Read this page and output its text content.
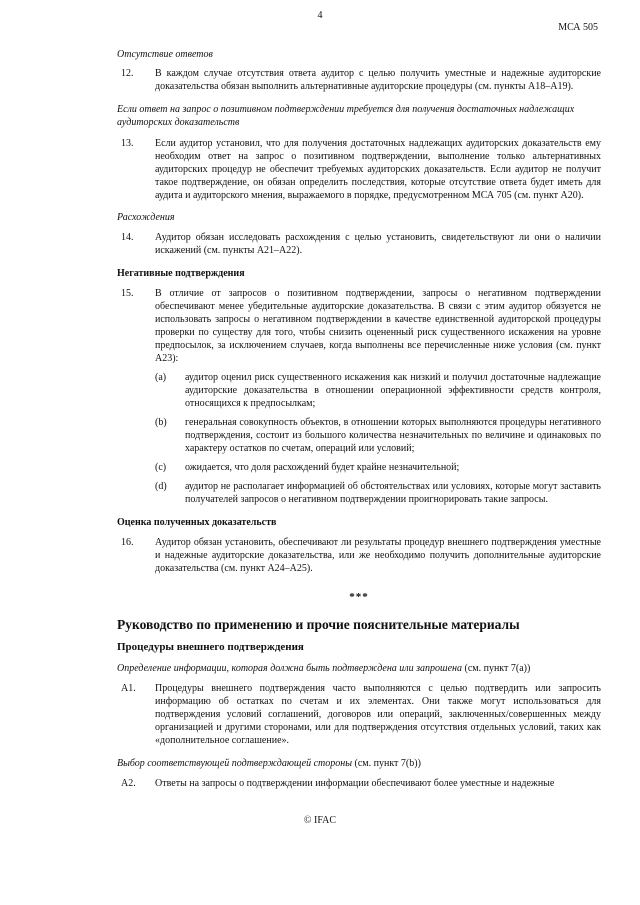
4
МСА 505

Отсутствие ответов

12.	В каждом случае отсутствия ответа аудитор с целью получить уместные и надежные аудиторские доказательства обязан выполнить альтернативные аудиторские процедуры (см. пункты А18–А19).

Если ответ на запрос о позитивном подтверждении требуется для получения достаточных надлежащих аудиторских доказательств

13.	Если аудитор установил, что для получения достаточных надлежащих аудиторских доказательств ему необходим ответ на запрос о позитивном подтверждении, выполнение только альтернативных аудиторских процедур не обеспечит требуемых аудиторских доказательств. Если аудитор не получит такое подтверждение, он обязан определить последствия, которые отсутствие ответа будет иметь для аудита и аудиторского мнения, выражаемого в порядке, предусмотренном МСА 705 (см. пункт А20).

Расхождения

14.	Аудитор обязан исследовать расхождения с целью установить, свидетельствуют ли они о наличии искажений (см. пункты А21–А22).

Негативные подтверждения

15.	В отличие от запросов о позитивном подтверждении, запросы о негативном подтверждении обеспечивают менее убедительные аудиторские доказательства. В связи с этим аудитор обязуется не использовать запросы о негативном подтверждении в качестве единственной аудиторской процедуры проверки по существу для того, чтобы снизить оцененный риск существенного искажения на уровне предпосылок, за исключением случаев, когда выполнены все перечисленные ниже условия (см. пункт А23):

(a)	аудитор оценил риск существенного искажения как низкий и получил достаточные надлежащие аудиторские доказательства в отношении операционной эффективности средств контроля, относящихся к предпосылкам;

(b)	генеральная совокупность объектов, в отношении которых выполняются процедуры негативного подтверждения, состоит из большого количества незначительных по величине и одинаковых по характеру остатков по счетам, операций или условий;

(c)	ожидается, что доля расхождений будет крайне незначительной;

(d)	аудитор не располагает информацией об обстоятельствах или условиях, которые могут заставить получателей запросов о негативном подтверждении проигнорировать такие запросы.

Оценка полученных доказательств

16.	Аудитор обязан установить, обеспечивают ли результаты процедур внешнего подтверждения уместные и надежные аудиторские доказательства, или же необходимо получить дополнительные аудиторские доказательства (см. пункт А24–А25).

***

Руководство по применению и прочие пояснительные материалы

Процедуры внешнего подтверждения

Определение информации, которая должна быть подтверждена или запрошена (см. пункт 7(a))

А1.	Процедуры внешнего подтверждения часто выполняются с целью подтвердить или запросить информацию об остатках по счетам и их элементах. Они также могут использоваться для подтверждения условий соглашений, договоров или операций, заключенных/совершенных между организацией и другими сторонами, или для подтверждения отсутствия отдельных условий, таких как «дополнительное соглашение».

Выбор соответствующей подтверждающей стороны (см. пункт 7(b))

А2.	Ответы на запросы о подтверждении информации обеспечивают более уместные и надежные

© IFAC
